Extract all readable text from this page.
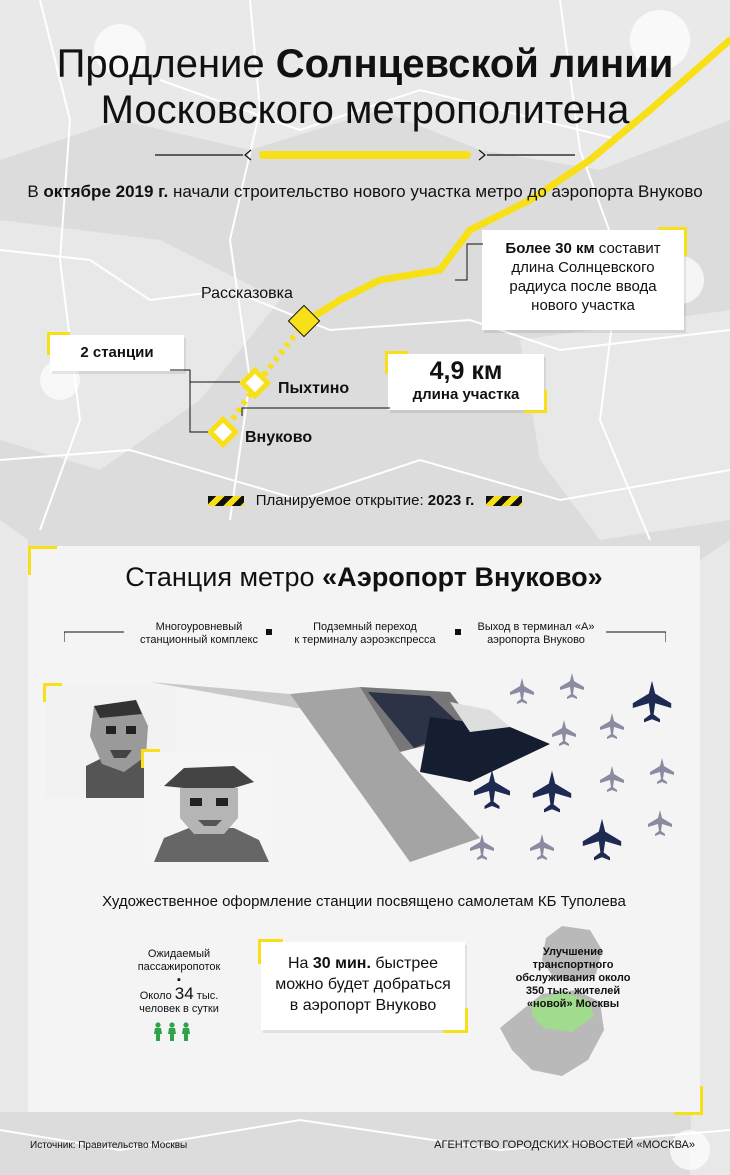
Продление Солнцевской линии
Московского метрополитена
В октябре 2019 г. начали строительство нового участка метро до аэропорта Внуково
Более 30 км составит
длина Солнцевского
радиуса после ввода
нового участка
Рассказовка
Пыхтино
Внуково
2 станции
4,9 км
длина участка
Планируемое открытие: 2023 г.
Станция метро «Аэропорт Внуково»
Многоуровневый
станционный комплекс
Подземный переход
к терминалу аэроэкспресса
Выход в терминал «А»
аэропорта Внуково
Художественное оформление станции посвящено самолетам КБ Туполева
Ожидаемый
пассажиропоток
▪
Около 34 тыс.
человек в сутки
На 30 мин. быстрее
можно будет добраться
в аэропорт Внуково
Улучшение транспортного
обслуживания около
350 тыс. жителей
«новой» Москвы
Источник: Правительство Москвы	АГЕНТСТВО ГОРОДСКИХ НОВОСТЕЙ «МОСКВА»
